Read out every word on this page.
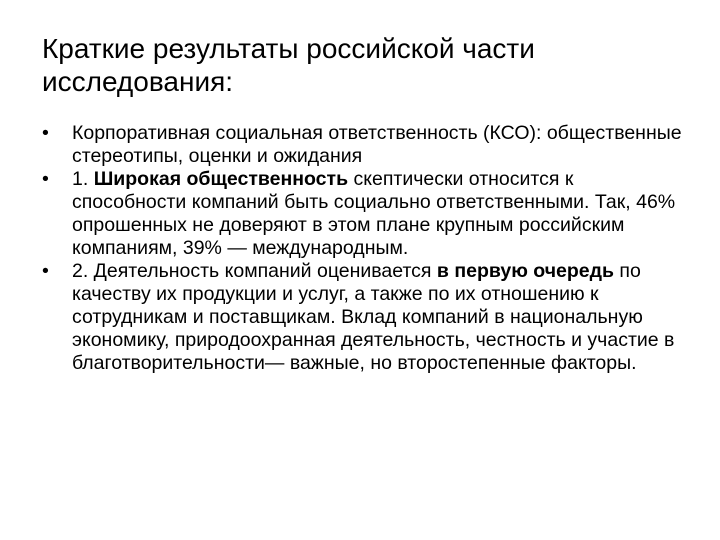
Краткие результаты российской части исследования:
•	Корпоративная социальная ответственность (КСО): общественные стереотипы, оценки и ожидания
•	1. Широкая общественность скептически относится к способности компаний быть социально ответственными. Так, 46% опрошенных не доверяют в этом плане крупным российским компаниям, 39% — международным.
•	2. Деятельность компаний оценивается в первую очередь по качеству их продукции и услуг, а также по их отношению к сотрудникам и поставщикам. Вклад компаний в национальную экономику, природоохранная деятельность, честность и участие в благотворительности— важные, но второстепенные факторы.
